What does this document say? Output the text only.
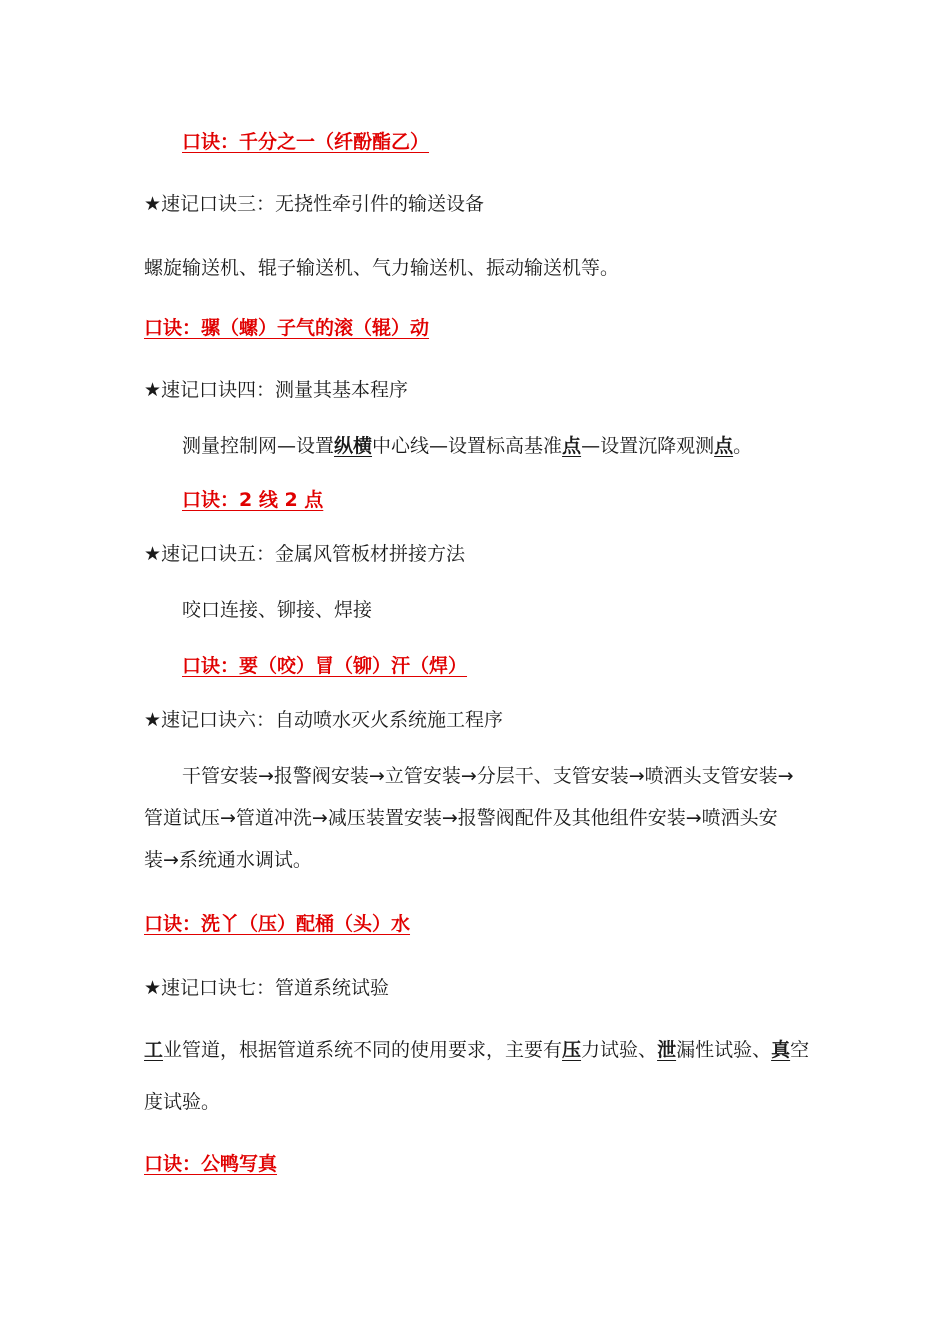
口诀：千分之一（纤酚酯乙）
★速记口诀三：无挠性牵引件的输送设备
螺旋输送机、辊子输送机、气力输送机、振动输送机等。
口诀：骡（螺）子气的滚（辊）动
★速记口诀四：测量其基本程序
测量控制网—设置纵横中心线—设置标高基准点—设置沉降观测点。
口诀：2 线 2 点
★速记口诀五：金属风管板材拼接方法
咬口连接、铆接、焊接
口诀：要（咬）冒（铆）汗（焊）
★速记口诀六：自动喷水灭火系统施工程序
干管安装→报警阀安装→立管安装→分层干、支管安装→喷洒头支管安装→
管道试压→管道冲洗→减压装置安装→报警阀配件及其他组件安装→喷洒头安
装→系统通水调试。
口诀：洗丫（压）配桶（头）水
★速记口诀七：管道系统试验
工业管道，根据管道系统不同的使用要求，主要有压力试验、泄漏性试验、真空
度试验。
口诀：公鸭写真
